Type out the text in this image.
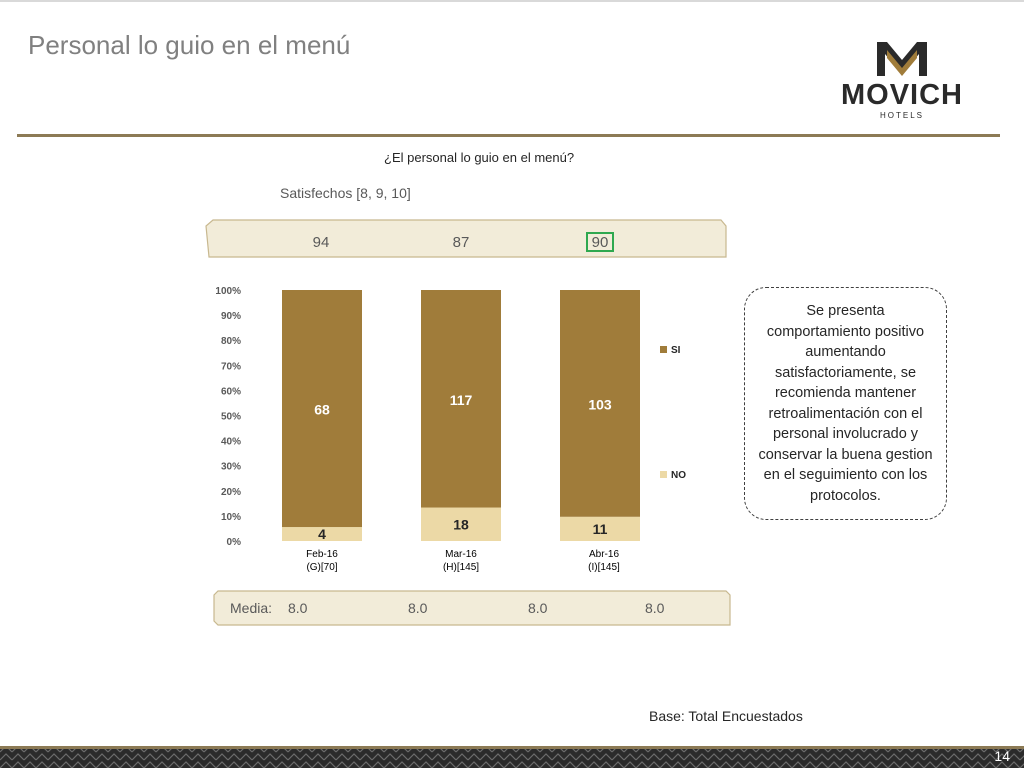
Personal lo guio en el menú
MOVICH
HOTELS
¿El personal lo guio en el menú?
Satisfechos [8, 9, 10]
94	87	90
0%
10%
20%
30%
40%
50%
60%
70%
80%
90%
100%
68
4
117
18
103
11
SI
NO
Feb-16
(G)[70]
Mar-16
(H)[145]
Abr-16
(I)[145]
Media: 8.0	8.0	8.0	8.0
Se presenta comportamiento positivo aumentando satisfactoriamente, se recomienda mantener retroalimentación con el personal involucrado y conservar la buena gestion en el seguimiento con los protocolos.
Base: Total Encuestados
14
